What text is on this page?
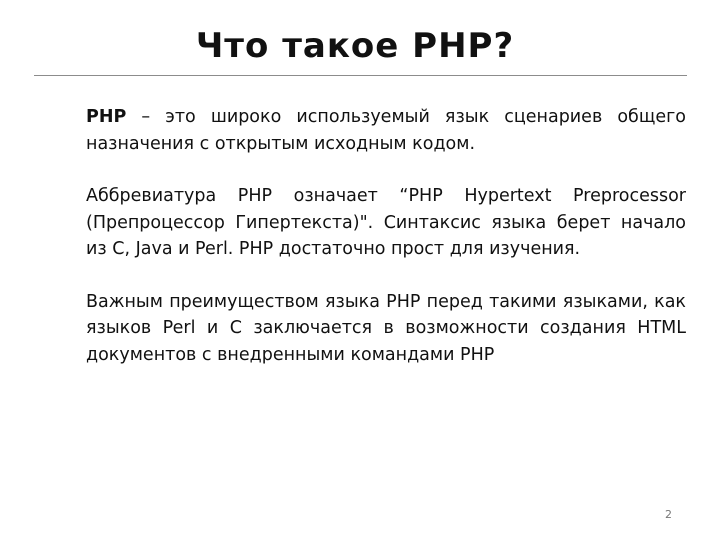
Что такое PHP?

PHP – это широко используемый язык сценариев общего назначения с открытым исходным кодом.

Аббревиатура PHP означает “PHP Hypertext Preprocessor (Препроцессор Гипертекста)". Синтаксис языка берет начало из C, Java и Perl. PHP достаточно прост для изучения.

Важным преимуществом языка PHP перед такими языками, как языков Perl и C заключается в возможности создания HTML документов с внедренными командами PHP

2
